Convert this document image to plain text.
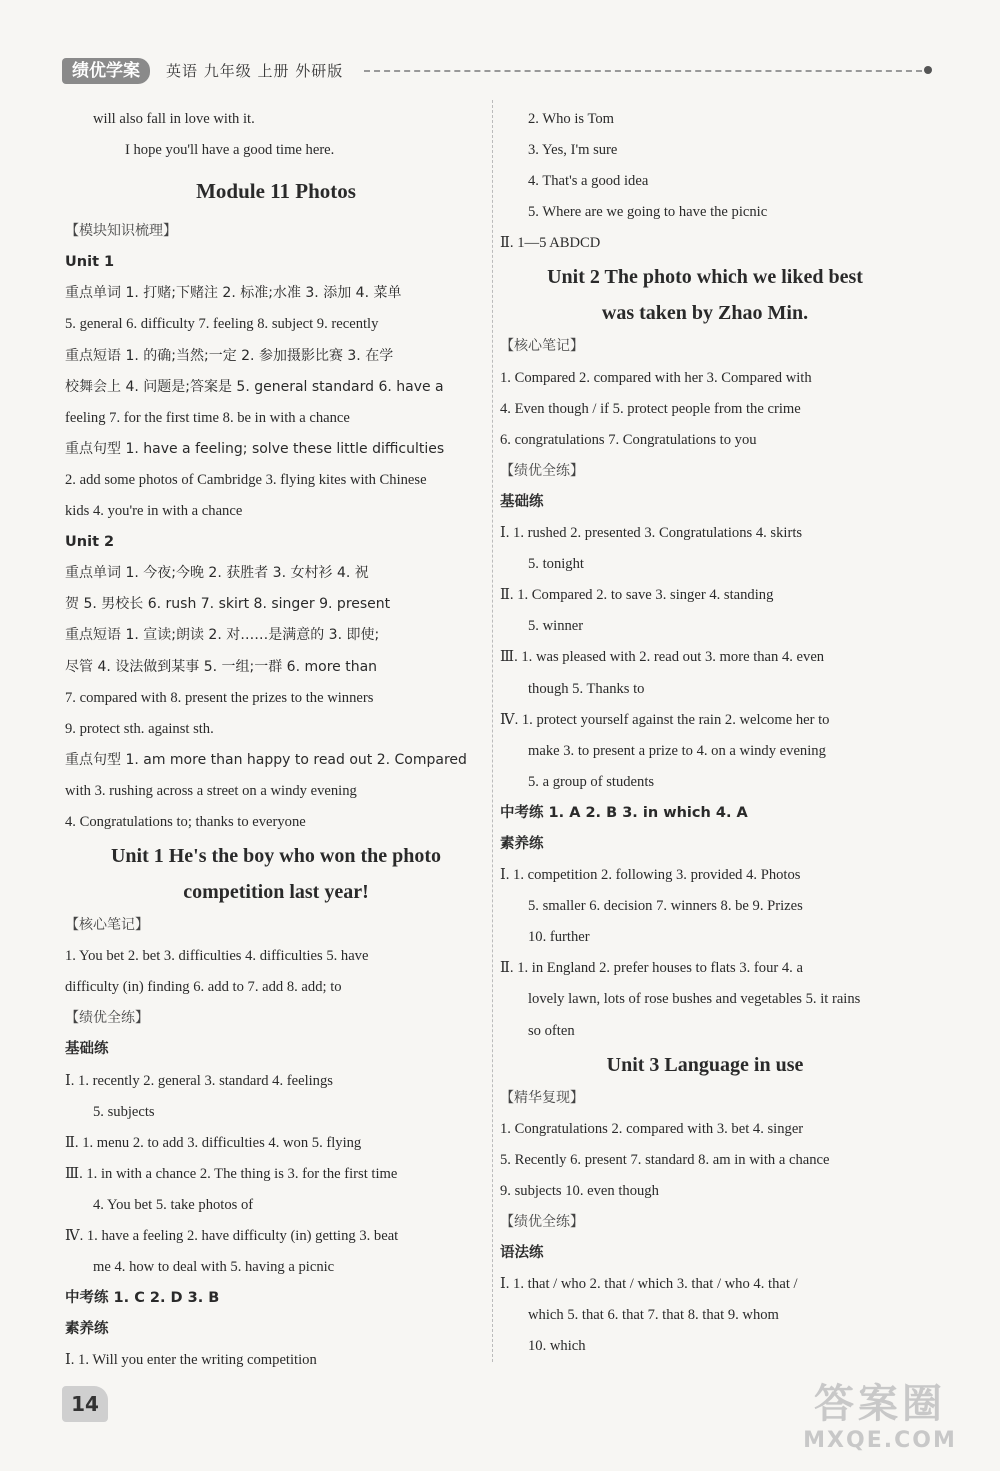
绩优学案	英语 九年级 上册 外研版
will also fall in love with it.
I hope you'll have a good time here.
Module 11 Photos
【模块知识梳理】
Unit 1
重点单词 1. 打赌;下赌注 2. 标准;水准 3. 添加 4. 菜单
5. general 6. difficulty 7. feeling 8. subject 9. recently
重点短语 1. 的确;当然;一定 2. 参加摄影比赛 3. 在学
校舞会上 4. 问题是;答案是 5. general standard 6. have a
feeling 7. for the first time 8. be in with a chance
重点句型 1. have a feeling; solve these little difficulties
2. add some photos of Cambridge 3. flying kites with Chinese
kids 4. you're in with a chance
Unit 2
重点单词 1. 今夜;今晚 2. 获胜者 3. 女村衫 4. 祝
贺 5. 男校长 6. rush 7. skirt 8. singer 9. present
重点短语 1. 宣读;朗读 2. 对……是满意的 3. 即使;
尽管 4. 设法做到某事 5. 一组;一群 6. more than
7. compared with 8. present the prizes to the winners
9. protect sth. against sth.
重点句型 1. am more than happy to read out 2. Compared
with 3. rushing across a street on a windy evening
4. Congratulations to; thanks to everyone
Unit 1 He's the boy who won the photo
competition last year!
【核心笔记】
1. You bet 2. bet 3. difficulties 4. difficulties 5. have
difficulty (in) finding 6. add to 7. add 8. add; to
【绩优全练】
基础练
Ⅰ. 1. recently 2. general 3. standard 4. feelings
5. subjects
Ⅱ. 1. menu 2. to add 3. difficulties 4. won 5. flying
Ⅲ. 1. in with a chance 2. The thing is 3. for the first time
4. You bet 5. take photos of
Ⅳ. 1. have a feeling 2. have difficulty (in) getting 3. beat
me 4. how to deal with 5. having a picnic
中考练 1. C 2. D 3. B
素养练
Ⅰ. 1. Will you enter the writing competition
2. Who is Tom
3. Yes, I'm sure
4. That's a good idea
5. Where are we going to have the picnic
Ⅱ. 1—5 ABDCD
Unit 2 The photo which we liked best
was taken by Zhao Min.
【核心笔记】
1. Compared 2. compared with her 3. Compared with
4. Even though / if 5. protect people from the crime
6. congratulations 7. Congratulations to you
【绩优全练】
基础练
Ⅰ. 1. rushed 2. presented 3. Congratulations 4. skirts
5. tonight
Ⅱ. 1. Compared 2. to save 3. singer 4. standing
5. winner
Ⅲ. 1. was pleased with 2. read out 3. more than 4. even
though 5. Thanks to
Ⅳ. 1. protect yourself against the rain 2. welcome her to
make 3. to present a prize to 4. on a windy evening
5. a group of students
中考练 1. A 2. B 3. in which 4. A
素养练
Ⅰ. 1. competition 2. following 3. provided 4. Photos
5. smaller 6. decision 7. winners 8. be 9. Prizes
10. further
Ⅱ. 1. in England 2. prefer houses to flats 3. four 4. a
lovely lawn, lots of rose bushes and vegetables 5. it rains
so often
Unit 3 Language in use
【精华复现】
1. Congratulations 2. compared with 3. bet 4. singer
5. Recently 6. present 7. standard 8. am in with a chance
9. subjects 10. even though
【绩优全练】
语法练
Ⅰ. 1. that / who 2. that / which 3. that / who 4. that /
which 5. that 6. that 7. that 8. that 9. whom
10. which
14	答案圈
MXQE.COM
